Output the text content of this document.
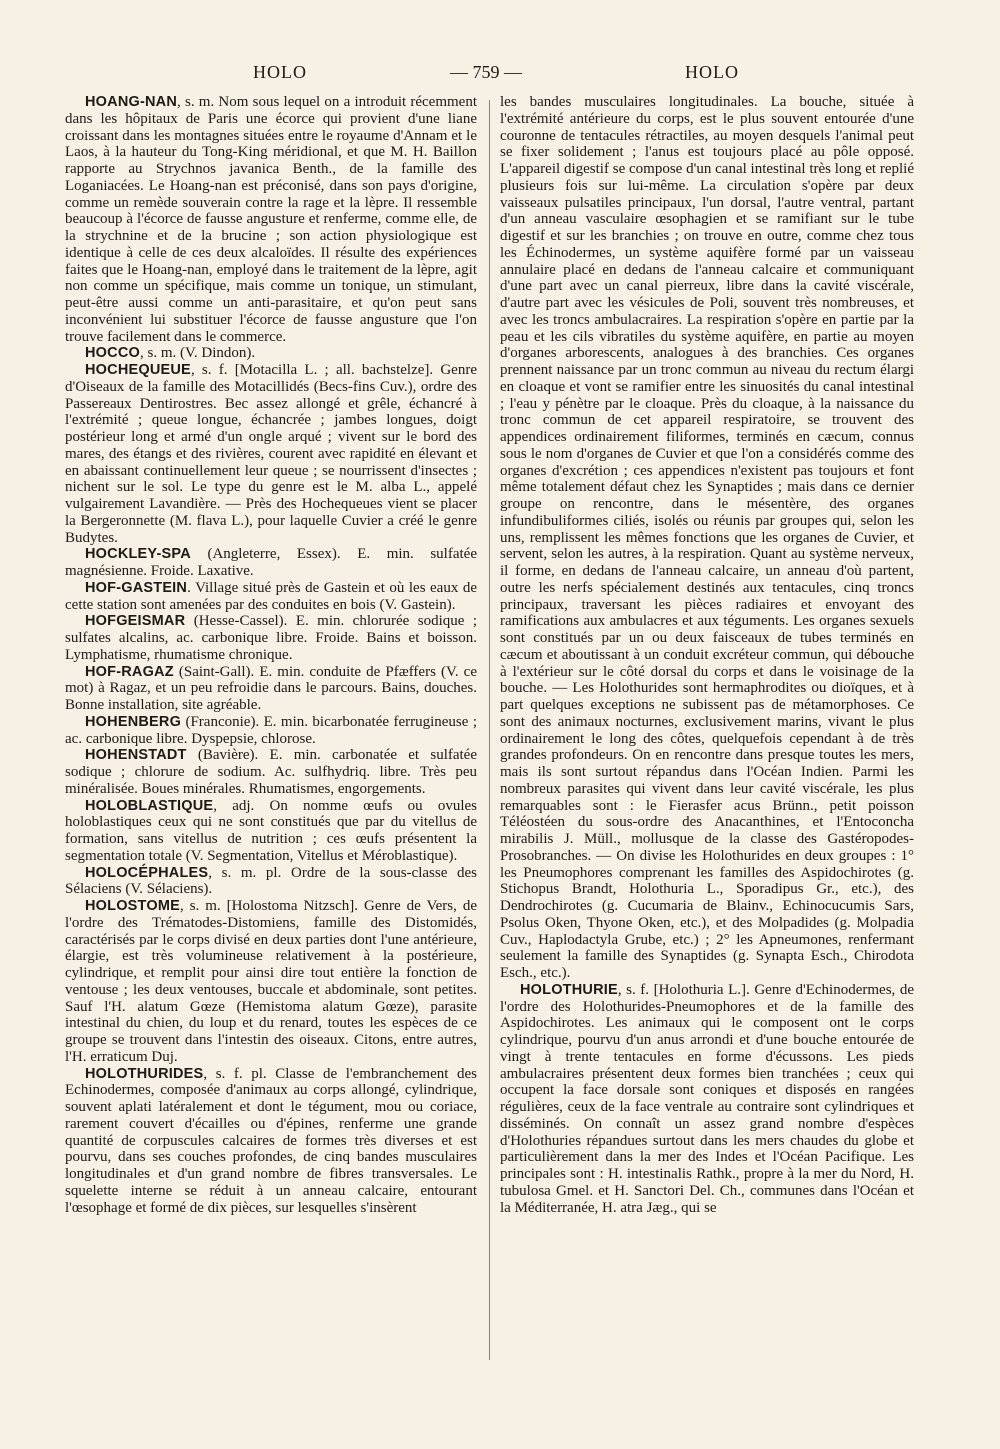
HOLO	— 759 —	HOLO
HOANG-NAN, s. m. Nom sous lequel on a introduit récemment dans les hôpitaux de Paris une écorce qui provient d'une liane croissant dans les montagnes situées entre le royaume d'Annam et le Laos, à la hauteur du Tong-King méridional, et que M. H. Baillon rapporte au Strychnos javanica Benth., de la famille des Loganiacées. Le Hoang-nan est préconisé, dans son pays d'origine, comme un remède souverain contre la rage et la lèpre. Il ressemble beaucoup à l'écorce de fausse angusture et renferme, comme elle, de la strychnine et de la brucine ; son action physiologique est identique à celle de ces deux alcaloïdes. Il résulte des expériences faites que le Hoang-nan, employé dans le traitement de la lèpre, agit non comme un spécifique, mais comme un tonique, un stimulant, peut-être aussi comme un anti-parasitaire, et qu'on peut sans inconvénient lui substituer l'écorce de fausse angusture que l'on trouve facilement dans le commerce.
HOCCO, s. m. (V. Dindon).
HOCHEQUEUE, s. f. [Motacilla L. ; all. bachstelze]. Genre d'Oiseaux de la famille des Motacillidés (Becs-fins Cuv.), ordre des Passereaux Dentirostres. Bec assez allongé et grêle, échancré à l'extrémité ; queue longue, échancrée ; jambes longues, doigt postérieur long et armé d'un ongle arqué ; vivent sur le bord des mares, des étangs et des rivières, courent avec rapidité en élevant et en abaissant continuellement leur queue ; se nourrissent d'insectes ; nichent sur le sol. Le type du genre est le M. alba L., appelé vulgairement Lavandière. — Près des Hochequeues vient se placer la Bergeronnette (M. flava L.), pour laquelle Cuvier a créé le genre Budytes.
HOCKLEY-SPA (Angleterre, Essex). E. min. sulfatée magnésienne. Froide. Laxative.
HOF-GASTEIN. Village situé près de Gastein et où les eaux de cette station sont amenées par des conduites en bois (V. Gastein).
HOFGEISMAR (Hesse-Cassel). E. min. chlorurée sodique ; sulfates alcalins, ac. carbonique libre. Froide. Bains et boisson. Lymphatisme, rhumatisme chronique.
HOF-RAGAZ (Saint-Gall). E. min. conduite de Pfæffers (V. ce mot) à Ragaz, et un peu refroidie dans le parcours. Bains, douches. Bonne installation, site agréable.
HOHENBERG (Franconie). E. min. bicarbonatée ferrugineuse ; ac. carbonique libre. Dyspepsie, chlorose.
HOHENSTADT (Bavière). E. min. carbonatée et sulfatée sodique ; chlorure de sodium. Ac. sulfhydriq. libre. Très peu minéralisée. Boues minérales. Rhumatismes, engorgements.
HOLOBLASTIQUE, adj. On nomme œufs ou ovules holoblastiques ceux qui ne sont constitués que par du vitellus de formation, sans vitellus de nutrition ; ces œufs présentent la segmentation totale (V. Segmentation, Vitellus et Méroblastique).
HOLOCÉPHALES, s. m. pl. Ordre de la sous-classe des Sélaciens (V. Sélaciens).
HOLOSTOME, s. m. [Holostoma Nitzsch]. Genre de Vers, de l'ordre des Trématodes-Distomiens, famille des Distomidés, caractérisés par le corps divisé en deux parties dont l'une antérieure, élargie, est très volumineuse relativement à la postérieure, cylindrique, et remplit pour ainsi dire tout entière la fonction de ventouse ; les deux ventouses, buccale et abdominale, sont petites. Sauf l'H. alatum Gœze (Hemistoma alatum Gœze), parasite intestinal du chien, du loup et du renard, toutes les espèces de ce groupe se trouvent dans l'intestin des oiseaux. Citons, entre autres, l'H. erraticum Duj.
HOLOTHURIDES, s. f. pl. Classe de l'embranchement des Echinodermes, composée d'animaux au corps allongé, cylindrique, souvent aplati latéralement et dont le tégument, mou ou coriace, rarement couvert d'écailles ou d'épines, renferme une grande quantité de corpuscules calcaires de formes très diverses et est pourvu, dans ses couches profondes, de cinq bandes musculaires longitudinales et d'un grand nombre de fibres transversales. Le squelette interne se réduit à un anneau calcaire, entourant l'œsophage et formé de dix pièces, sur lesquelles s'insèrent
les bandes musculaires longitudinales. La bouche, située à l'extrémité antérieure du corps, est le plus souvent entourée d'une couronne de tentacules rétractiles, au moyen desquels l'animal peut se fixer solidement ; l'anus est toujours placé au pôle opposé. L'appareil digestif se compose d'un canal intestinal très long et replié plusieurs fois sur lui-même. La circulation s'opère par deux vaisseaux pulsatiles principaux, l'un dorsal, l'autre ventral, partant d'un anneau vasculaire œsophagien et se ramifiant sur le tube digestif et sur les branchies ; on trouve en outre, comme chez tous les Échinodermes, un système aquifère formé par un vaisseau annulaire placé en dedans de l'anneau calcaire et communiquant d'une part avec un canal pierreux, libre dans la cavité viscérale, d'autre part avec les vésicules de Poli, souvent très nombreuses, et avec les troncs ambulacraires. La respiration s'opère en partie par la peau et les cils vibratiles du système aquifère, en partie au moyen d'organes arborescents, analogues à des branchies. Ces organes prennent naissance par un tronc commun au niveau du rectum élargi en cloaque et vont se ramifier entre les sinuosités du canal intestinal ; l'eau y pénètre par le cloaque. Près du cloaque, à la naissance du tronc commun de cet appareil respiratoire, se trouvent des appendices ordinairement filiformes, terminés en cæcum, connus sous le nom d'organes de Cuvier et que l'on a considérés comme des organes d'excrétion ; ces appendices n'existent pas toujours et font même totalement défaut chez les Synaptides ; mais dans ce dernier groupe on rencontre, dans le mésentère, des organes infundibuliformes ciliés, isolés ou réunis par groupes qui, selon les uns, remplissent les mêmes fonctions que les organes de Cuvier, et servent, selon les autres, à la respiration. Quant au système nerveux, il forme, en dedans de l'anneau calcaire, un anneau d'où partent, outre les nerfs spécialement destinés aux tentacules, cinq troncs principaux, traversant les pièces radiaires et envoyant des ramifications aux ambulacres et aux téguments. Les organes sexuels sont constitués par un ou deux faisceaux de tubes terminés en cæcum et aboutissant à un conduit excréteur commun, qui débouche à l'extérieur sur le côté dorsal du corps et dans le voisinage de la bouche. — Les Holothurides sont hermaphrodites ou dioïques, et à part quelques exceptions ne subissent pas de métamorphoses. Ce sont des animaux nocturnes, exclusivement marins, vivant le plus ordinairement le long des côtes, quelquefois cependant à de très grandes profondeurs. On en rencontre dans presque toutes les mers, mais ils sont surtout répandus dans l'Océan Indien. Parmi les nombreux parasites qui vivent dans leur cavité viscérale, les plus remarquables sont : le Fierasfer acus Brünn., petit poisson Téléostéen du sous-ordre des Anacanthines, et l'Entoconcha mirabilis J. Müll., mollusque de la classe des Gastéropodes-Prosobranches. — On divise les Holothurides en deux groupes : 1° les Pneumophores comprenant les familles des Aspidochirotes (g. Stichopus Brandt, Holothuria L., Sporadipus Gr., etc.), des Dendrochirotes (g. Cucumaria de Blainv., Echinocucumis Sars, Psolus Oken, Thyone Oken, etc.), et des Molpadides (g. Molpadia Cuv., Haplodactyla Grube, etc.) ; 2° les Apneumones, renfermant seulement la famille des Synaptides (g. Synapta Esch., Chirodota Esch., etc.).
HOLOTHURIE, s. f. [Holothuria L.]. Genre d'Echinodermes, de l'ordre des Holothurides-Pneumophores et de la famille des Aspidochirotes. Les animaux qui le composent ont le corps cylindrique, pourvu d'un anus arrondi et d'une bouche entourée de vingt à trente tentacules en forme d'écussons. Les pieds ambulacraires présentent deux formes bien tranchées ; ceux qui occupent la face dorsale sont coniques et disposés en rangées régulières, ceux de la face ventrale au contraire sont cylindriques et disséminés. On connaît un assez grand nombre d'espèces d'Holothuries répandues surtout dans les mers chaudes du globe et particulièrement dans la mer des Indes et l'Océan Pacifique. Les principales sont : H. intestinalis Rathk., propre à la mer du Nord, H. tubulosa Gmel. et H. Sanctori Del. Ch., communes dans l'Océan et la Méditerranée, H. atra Jæg., qui se
